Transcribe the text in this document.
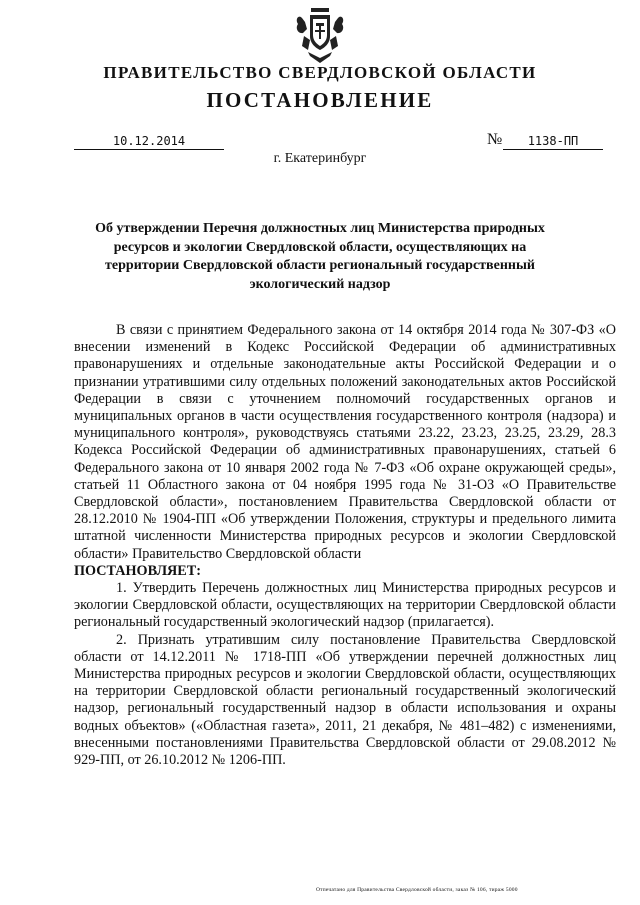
ПРАВИТЕЛЬСТВО СВЕРДЛОВСКОЙ ОБЛАСТИ
ПОСТАНОВЛЕНИЕ
10.12.2014	№	1138-ПП
г. Екатеринбург
Об утверждении Перечня должностных лиц Министерства природных ресурсов и экологии Свердловской области, осуществляющих на территории Свердловской области региональный государственный экологический надзор

В связи с принятием Федерального закона от 14 октября 2014 года № 307-ФЗ «О внесении изменений в Кодекс Российской Федерации об административных правонарушениях и отдельные законодательные акты Российской Федерации и о признании утратившими силу отдельных положений законодательных актов Российской Федерации в связи с уточнением полномочий государственных органов и муниципальных органов в части осуществления государственного контроля (надзора) и муниципального контроля», руководствуясь статьями 23.22, 23.23, 23.25, 23.29, 28.3 Кодекса Российской Федерации об административных правонарушениях, статьей 6 Федерального закона от 10 января 2002 года № 7-ФЗ «Об охране окружающей среды», статьей 11 Областного закона от 04 ноября 1995 года № 31-ОЗ «О Правительстве Свердловской области», постановлением Правительства Свердловской области от 28.12.2010 № 1904-ПП «Об утверждении Положения, структуры и предельного лимита штатной численности Министерства природных ресурсов и экологии Свердловской области» Правительство Свердловской области

ПОСТАНОВЛЯЕТ:

1. Утвердить Перечень должностных лиц Министерства природных ресурсов и экологии Свердловской области, осуществляющих на территории Свердловской области региональный государственный экологический надзор (прилагается).

2. Признать утратившим силу постановление Правительства Свердловской области от 14.12.2011 № 1718-ПП «Об утверждении перечней должностных лиц Министерства природных ресурсов и экологии Свердловской области, осуществляющих на территории Свердловской области региональный государственный экологический надзор, региональный государственный надзор в области использования и охраны водных объектов» («Областная газета», 2011, 21 декабря, № 481–482) с изменениями, внесенными постановлениями Правительства Свердловской области от 29.08.2012 № 929-ПП, от 26.10.2012 № 1206-ПП.

Отпечатано для Правительства Свердловской области, заказ № 106, тираж 5000
